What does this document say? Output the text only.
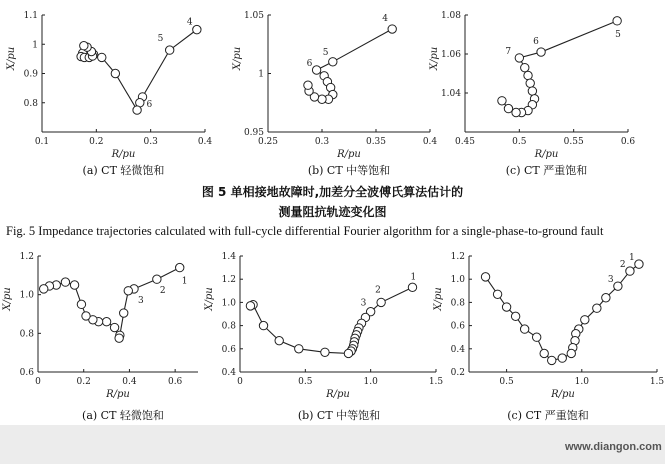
0.1	0.2	0.3	0.4
0.8
0.9
1
1.1
R/pu
X/pu
4
5
6
(a) CT 轻微饱和
0.25	0.3	0.35	0.4
0.95
1
1.05
R/pu
X/pu
4
5
6
(b) CT 中等饱和
0.45	0.5	0.55	0.6
1.04
1.06
1.08
R/pu
X/pu
5
6
7
(c) CT 严重饱和
0	0.2	0.4	0.6
0.6
0.8
1.0
1.2
R/pu
X/pu
1
2
3
0	0.5	1.0	1.5
0.4
0.6
0.8
1.0
1.2
1.4
R/pu
X/pu
1
2
3
0.5	1.0	1.5
0.2
0.4
0.6
0.8
1.0
1.2
R/pu
X/pu
1
2
3
图 5 单相接地故障时,加差分全波傅氏算法估计的
测量阻抗轨迹变化图
Fig. 5 Impedance trajectories calculated with full-cycle differential Fourier algorithm for a single-phase-to-ground fault
(a) CT 轻微饱和	(b) CT 中等饱和	(c) CT 严重饱和
www.diangon.com
